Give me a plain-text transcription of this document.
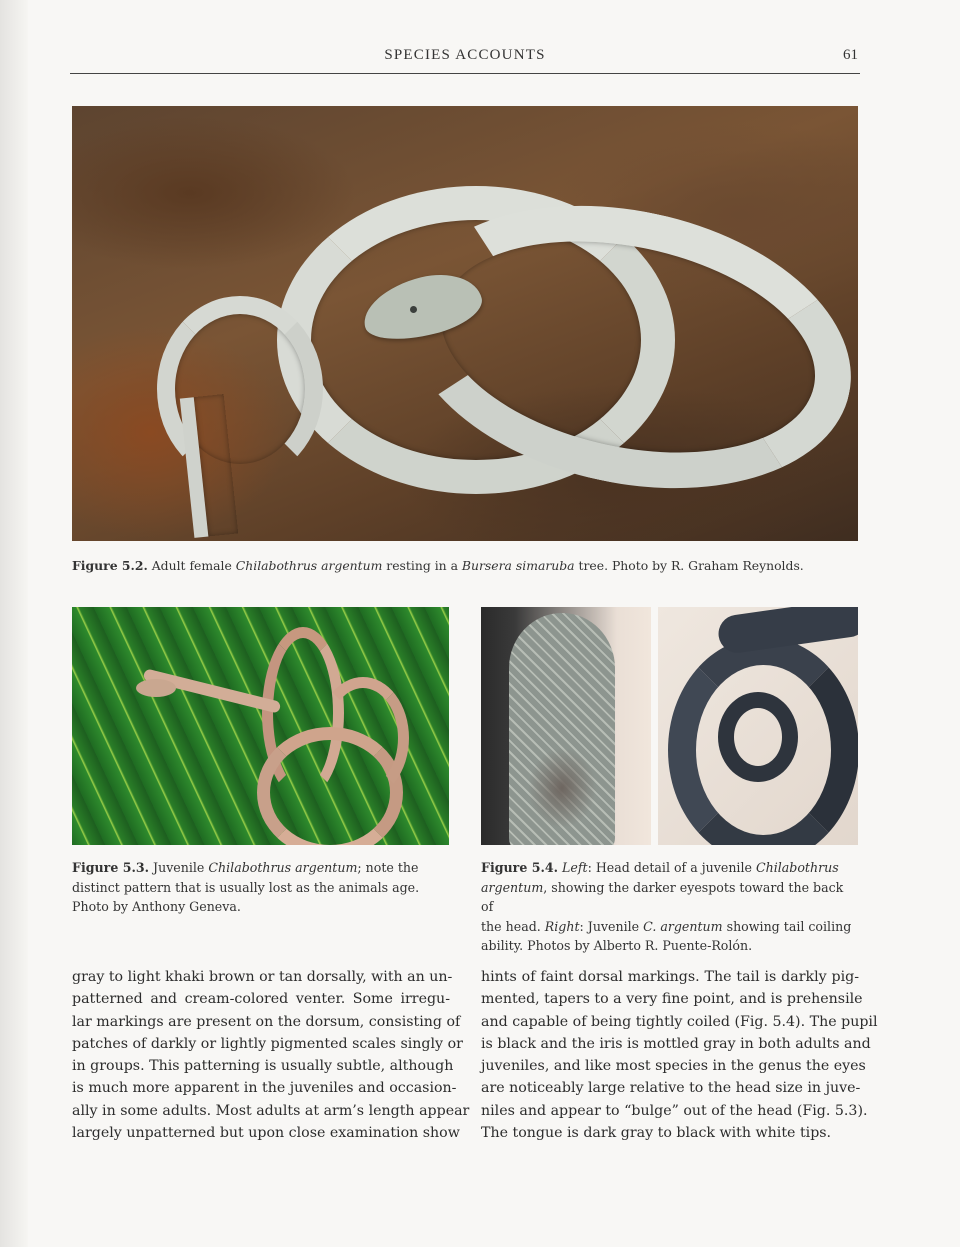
SPECIES ACCOUNTS	61
Figure 5.2. Adult female Chilabothrus argentum resting in a Bursera simaruba tree. Photo by R. Graham Reynolds.
Figure 5.3. Juvenile Chilabothrus argentum; note the
distinct pattern that is usually lost as the animals age.
Photo by Anthony Geneva.
Figure 5.4. Left: Head detail of a juvenile Chilabothrus
argentum, showing the darker eyespots toward the back of
the head. Right: Juvenile C. argentum showing tail coiling
ability. Photos by Alberto R. Puente-Rolón.
gray to light khaki brown or tan dorsally, with an un-
patterned and cream-colored venter. Some irregu-
lar markings are present on the dorsum, consisting of
patches of darkly or lightly pigmented scales singly or
in groups. This patterning is usually subtle, although
is much more apparent in the juveniles and occasion-
ally in some adults. Most adults at arm’s length appear
largely unpatterned but upon close examination show
hints of faint dorsal markings. The tail is darkly pig-
mented, tapers to a very fine point, and is prehensile
and capable of being tightly coiled (Fig. 5.4). The pupil
is black and the iris is mottled gray in both adults and
juveniles, and like most species in the genus the eyes
are noticeably large relative to the head size in juve-
niles and appear to “bulge” out of the head (Fig. 5.3).
The tongue is dark gray to black with white tips.
